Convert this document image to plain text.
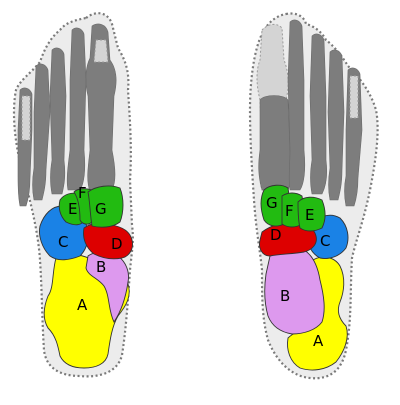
A
B
C	D
E
F
G
A
B
C
D
E
F
G
